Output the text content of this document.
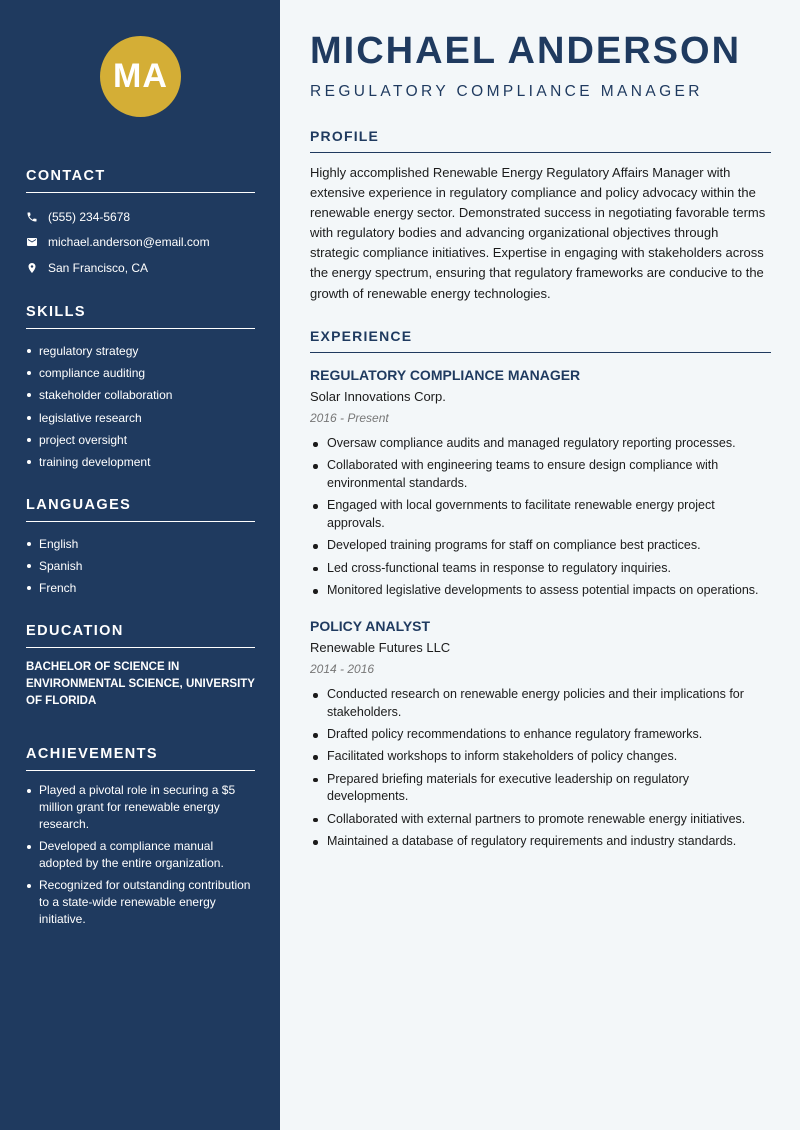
MA
CONTACT
(555) 234-5678
michael.anderson@email.com
San Francisco, CA
SKILLS
regulatory strategy
compliance auditing
stakeholder collaboration
legislative research
project oversight
training development
LANGUAGES
English
Spanish
French
EDUCATION
BACHELOR OF SCIENCE IN ENVIRONMENTAL SCIENCE, UNIVERSITY OF FLORIDA
ACHIEVEMENTS
Played a pivotal role in securing a $5 million grant for renewable energy research.
Developed a compliance manual adopted by the entire organization.
Recognized for outstanding contribution to a state-wide renewable energy initiative.
MICHAEL ANDERSON
REGULATORY COMPLIANCE MANAGER
PROFILE

Highly accomplished Renewable Energy Regulatory Affairs Manager with extensive experience in regulatory compliance and policy advocacy within the renewable energy sector. Demonstrated success in negotiating favorable terms with regulatory bodies and advancing organizational objectives through strategic compliance initiatives. Expertise in engaging with stakeholders across the energy spectrum, ensuring that regulatory frameworks are conducive to the growth of renewable energy technologies.

EXPERIENCE
REGULATORY COMPLIANCE MANAGER
Solar Innovations Corp.
2016 - Present
Oversaw compliance audits and managed regulatory reporting processes.
Collaborated with engineering teams to ensure design compliance with environmental standards.
Engaged with local governments to facilitate renewable energy project approvals.
Developed training programs for staff on compliance best practices.
Led cross-functional teams in response to regulatory inquiries.
Monitored legislative developments to assess potential impacts on operations.
POLICY ANALYST
Renewable Futures LLC
2014 - 2016
Conducted research on renewable energy policies and their implications for stakeholders.
Drafted policy recommendations to enhance regulatory frameworks.
Facilitated workshops to inform stakeholders of policy changes.
Prepared briefing materials for executive leadership on regulatory developments.
Collaborated with external partners to promote renewable energy initiatives.
Maintained a database of regulatory requirements and industry standards.
